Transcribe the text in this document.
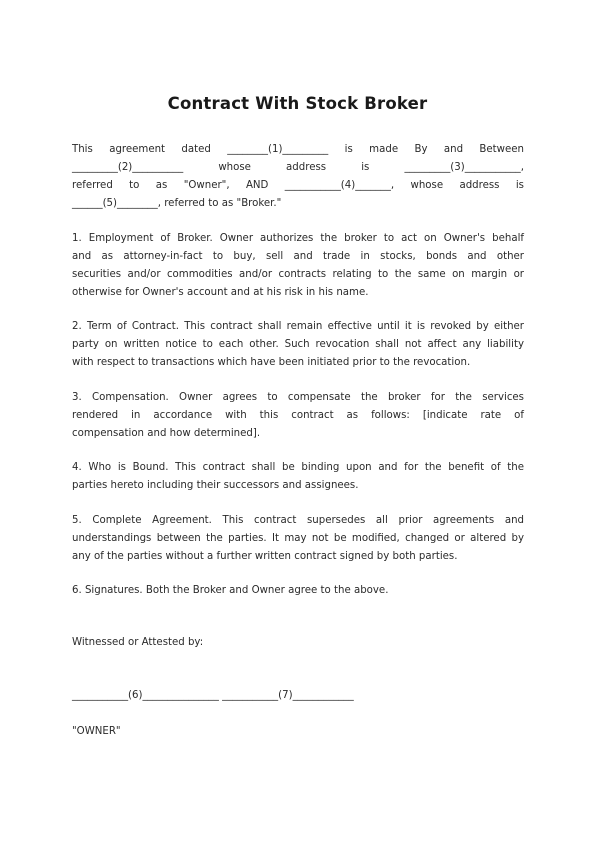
Contract With Stock Broker
This agreement dated ________(1)_________ is made By and Between
_________(2)__________ whose address is _________(3)___________,
referred to as "Owner", AND ___________(4)_______, whose address is
______(5)________, referred to as "Broker."
1. Employment of Broker. Owner authorizes the broker to act on Owner's behalf
and as attorney-in-fact to buy, sell and trade in stocks, bonds and other
securities and/or commodities and/or contracts relating to the same on margin or
otherwise for Owner's account and at his risk in his name.
2. Term of Contract. This contract shall remain effective until it is revoked by either
party on written notice to each other. Such revocation shall not affect any liability
with respect to transactions which have been initiated prior to the revocation.
3. Compensation. Owner agrees to compensate the broker for the services
rendered in accordance with this contract as follows: [indicate rate of
compensation and how determined].
4. Who is Bound. This contract shall be binding upon and for the benefit of the
parties hereto including their successors and assignees.
5. Complete Agreement. This contract supersedes all prior agreements and
understandings between the parties. It may not be modified, changed or altered by
any of the parties without a further written contract signed by both parties.

6. Signatures. Both the Broker and Owner agree to the above.

Witnessed or Attested by:

___________(6)_______________ ___________(7)____________

"OWNER"
